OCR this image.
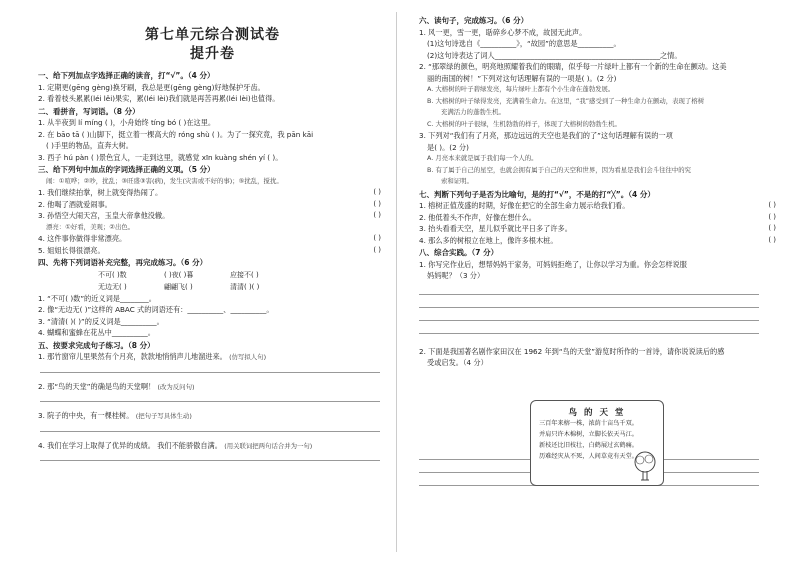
第七单元综合测试卷
提升卷
一、给下列加点字选择正确的读音，打“√”。（4 分）
1. 定期更(gēng gèng)换牙刷，我总是更(gēng gèng)好地保护牙齿。
2. 看着枝头累累(léi lěi)果实，累(léi lèi)我们就是再苦再累(léi lèi)也值得。
二、看拼音，写词语。（8 分）
1. 从半夜到 lí míng ( )，小舟始终 tíng bó ( )在这里。
2. 在 bāo tā ( )山脚下，挺立着一棵高大的 róng shù ( )。为了一探究竟，我 pān kāi
( )手里的物品，直奔大树。
3. 西子 hú pàn ( )景色宜人，一走到这里，就感觉 xīn kuàng shén yí ( )。
三、给下列句中加点的字词选择正确的义项。（5 分）
闹：①喧哗；②吵，扰乱；③旺盛③害(病)，发生(灾害或不好的事)；⑤扰乱，搅扰。
1. 我们继续拍掌，树上就变得热闹了。	( )
2. 他喝了酒就爱闹事。	( )
3. 孙悟空大闹天宫，玉皇大帝拿他没辙。	( )
漂亮：①好看，美观；②出色。
4. 这件事你做得非常漂亮。	( )
5. 姐姐长得很漂亮。	( )
四、先将下列词语补充完整，再完成练习。（6 分）
不可( )数	( )夜( )暮	应接不( )
无边无( )	翩翩飞( )	清清( )( )
1. “不可( )数”的近义词是________。
2. 像“无边无( )”这样的 ABAC 式的词语还有：__________、__________。
3. “清清( )( )”的反义词是__________。
4. 蝴蝶和蜜蜂在花丛中__________。
五、按要求完成句子练习。（8 分）
1. 那竹窗帘儿里果然有个月亮，款款地悄悄声儿地溜进来。 (仿写拟人句)
2. 那“鸟的天堂”的确是鸟的天堂啊！ (改为反问句)
3. 院子的中央，有一棵桂树。 (把句子写具体生动)
4. 我们在学习上取得了优异的成绩。 我们不能骄傲自满。 (用关联词把两句话合并为一句)
六、读句子，完成练习。（6 分）
1. 风一更，雪一更，聒碎乡心梦不成，故园无此声。
(1)这句诗选自《__________》，“故园”的意思是__________。
(2)这句诗表达了词人______________________________________________之情。
2. “那翠绿的颜色，明亮地照耀着我们的眼睛，似乎每一片绿叶上都有一个新的生命在颤动。这美
丽的南国的树！”下列对这句话理解有误的一项是( )。(2 分)
A. 大榕树的叶子碧绿发亮，每片绿叶上都有个小生命在蓬勃发展。
B. 大榕树的叶子绿得发亮，充满着生命力。在这里，“我”感受到了一种生命力在颤动，表现了榕树
充满活力的蓬勃生机。
C. 大榕树的叶子很绿，生机勃勃的样子，体现了大榕树的勃勃生机。
3. 下列对“我们有了月亮，那边远远的天空也是我们的了”这句话理解有误的一项
是( )。(2 分)
A. 月亮本来就是属于我们每一个人的。
B. 有了属于自己的星空，也就会拥有属于自己的天空和世界，因为看星是我们会斗往往中的究
索和证明。
七、判断下列句子是否为比喻句，是的打“√”，不是的打“╳”。（4 分）
1. 榕树正值茂盛的时期，好像在把它的全部生命力展示给我们看。	( )
2. 他低着头不作声，好像在想什么。	( )
3. 抬头看看天空，星儿似乎就比平日多了许多。	( )
4. 那么多的树根立在地上，像许多根木桩。	( )
八、综合实践。（7 分）
1. 你写完作业后，想帮妈妈干家务，可妈妈拒绝了，让你以学习为重。你会怎样说服
妈妈呢？（3 分）
2. 下面是我国著名剧作家田汉在 1962 年到“鸟的天堂”游览时所作的一首诗，请你说说读后的感
受或启发。（4 分）
鸟 的 天 堂
三百年来榕一株，浓荫十亩鸟千双。
并肩只许木棉树，立脚长依天马江。
新枝还比旧枝壮，白鹤展过玄鹤痛。
历难经灾从不死，人间草竟有天堂。
